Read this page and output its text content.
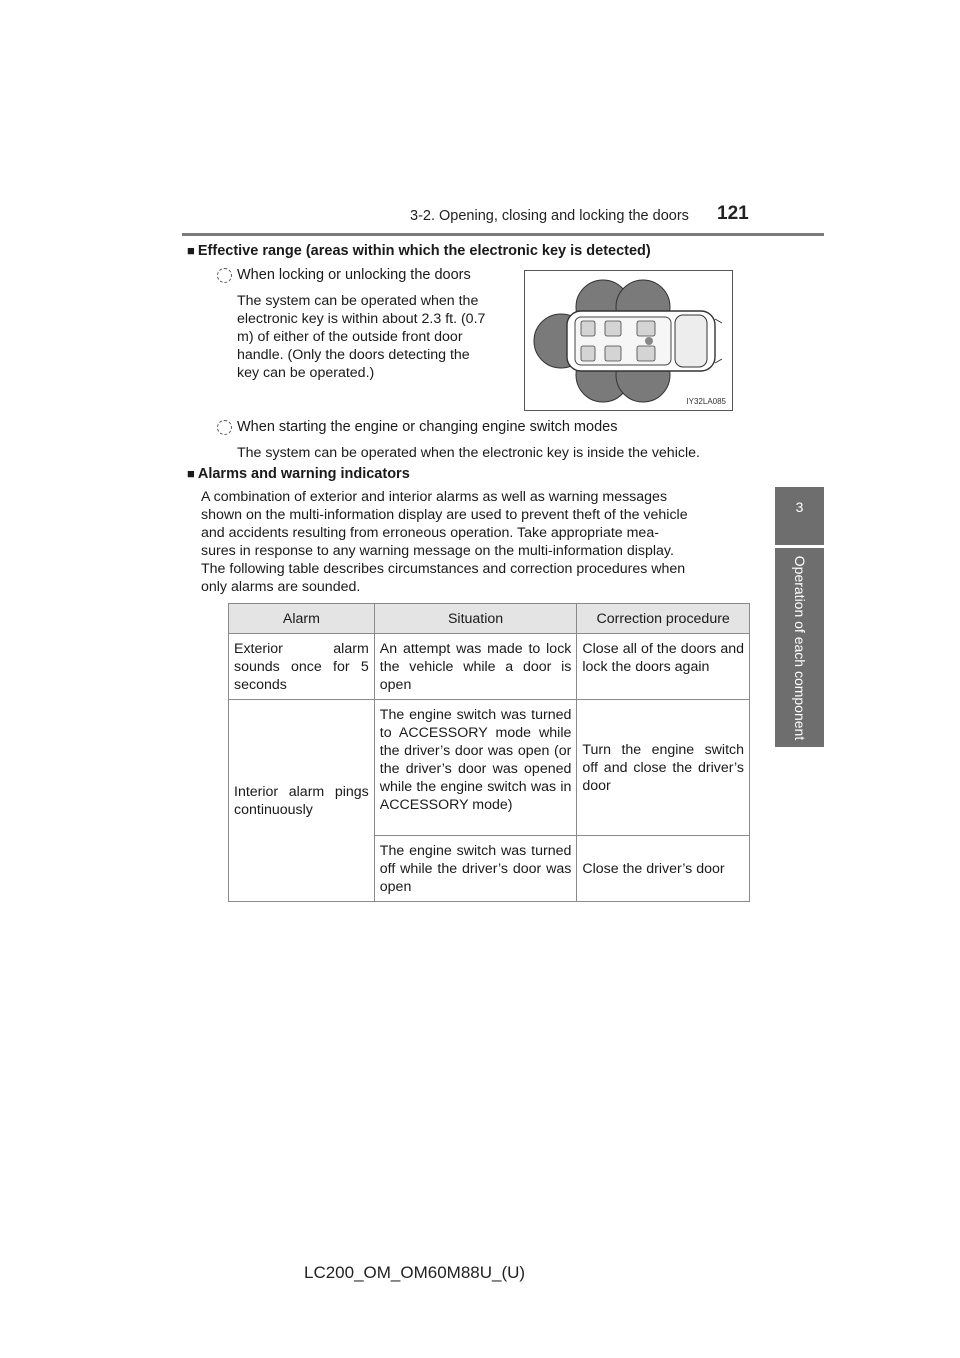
3-2. Opening, closing and locking the doors 121
3
Operation of each component
■ Effective range (areas within which the electronic key is detected)
When locking or unlocking the doors
The system can be operated when the
electronic key is within about 2.3 ft. (0.7
m) of either of the outside front door
handle. (Only the doors detecting the
key can be operated.)
IY32LA085
When starting the engine or changing engine switch modes
The system can be operated when the electronic key is inside the vehicle.
■ Alarms and warning indicators
A combination of exterior and interior alarms as well as warning messages
shown on the multi-information display are used to prevent theft of the vehicle
and accidents resulting from erroneous operation. Take appropriate mea-
sures in response to any warning message on the multi-information display.
The following table describes circumstances and correction procedures when
only alarms are sounded.
Alarm	Situation	Correction procedure
Exterior alarm sounds once for 5 seconds	An attempt was made to lock the vehicle while a door is open	Close all of the doors and lock the doors again
Interior alarm pings continuously	The engine switch was turned to ACCESSORY mode while the driver’s door was open (or the driver’s door was opened while the engine switch was in ACCESSORY mode)	Turn the engine switch off and close the driver’s door
	The engine switch was turned off while the driver’s door was open	Close the driver’s door
LC200_OM_OM60M88U_(U)
